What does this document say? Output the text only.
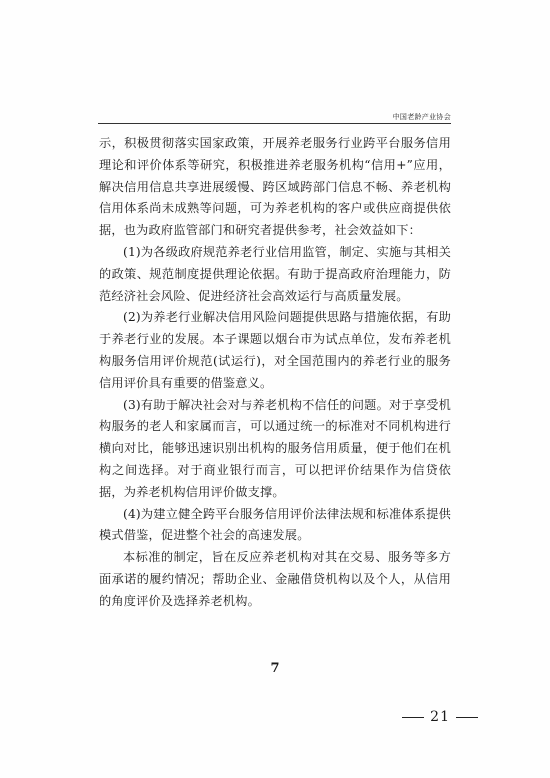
中国老龄产业协会

示，积极贯彻落实国家政策，开展养老服务行业跨平台服务信用理论和评价体系等研究，积极推进养老服务机构“信用+”应用，解决信用信息共享进展缓慢、跨区域跨部门信息不畅、养老机构信用体系尚未成熟等问题，可为养老机构的客户或供应商提供依据，也为政府监管部门和研究者提供参考，社会效益如下：

(1)为各级政府规范养老行业信用监管，制定、实施与其相关的政策、规范制度提供理论依据。有助于提高政府治理能力，防范经济社会风险、促进经济社会高效运行与高质量发展。

(2)为养老行业解决信用风险问题提供思路与措施依据，有助于养老行业的发展。本子课题以烟台市为试点单位，发布养老机构服务信用评价规范(试运行)，对全国范围内的养老行业的服务信用评价具有重要的借鉴意义。

(3)有助于解决社会对与养老机构不信任的问题。对于享受机构服务的老人和家属而言，可以通过统一的标准对不同机构进行横向对比，能够迅速识别出机构的服务信用质量，便于他们在机构之间选择。对于商业银行而言，可以把评价结果作为信贷依据，为养老机构信用评价做支撑。

(4)为建立健全跨平台服务信用评价法律法规和标准体系提供模式借鉴，促进整个社会的高速发展。

本标准的制定，旨在反应养老机构对其在交易、服务等多方面承诺的履约情况；帮助企业、金融借贷机构以及个人，从信用的角度评价及选择养老机构。

7
21
